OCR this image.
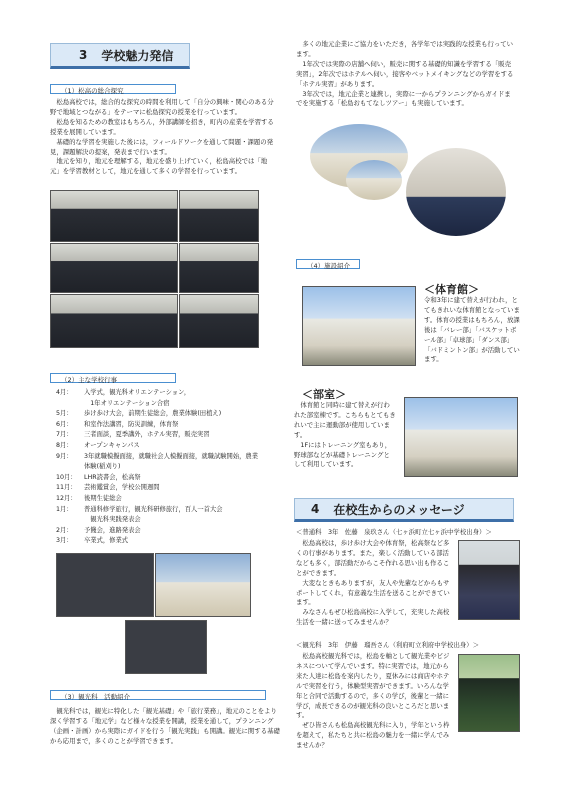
3 学校魅力発信
（1）松高の総合探究

　松島高校では，総合的な探究の時間を利用して「自分の興味・関心のある分野で地域とつながる」をテーマに松島探究の授業を行っています。

　松島を知るための教室はもちろん，外部講師を招き，町内の産業を学習する授業を展開しています。

　基礎的な学習を実施した後には，フィールドワークを通して問題・課題の発見，課題解決の提案，発表まで行います。

　地元を知り，地元を理解する，地元を盛り上げていく，松島高校では「地元」を学習教材として，地元を通して多くの学習を行っています。

（2）主な学校行事
4月：	入学式，観光科オリエンテーション，
	　1年オリエンテーション合宿
5月：	歩け歩け大会，前期生徒総会，農業体験(田植え)
6月：	和室作法講習，防災訓練，体育祭
7月：	三者面談，夏季講外，ホテル実習，販売実習
8月：	オープンキャンパス
9月：	3年就職模擬面接，就職社会人模擬面接，就職試験開始，農業
	体験(稲刈り)
10月：	LHR読書会，松高祭
11月：	芸術鑑賞会，学校公開週間
12月：	後期生徒総会
1月：	普通科修学旅行，観光科研修旅行，百人一首大会
	　観光科実践発表会
2月：	予餞会，進路発表会
3月：	卒業式，修業式
（3）観光科　活動紹介
　観光科では，観光に特化した「観光基礎」や「旅行業務」，地元のことをより深く学習する「地元学」など様々な授業を開講，授業を通して，プランニング（企画・計画）から実際にガイドを行う「観光実践」も開講。観光に関する基礎から応用まで，多くのことが学習できます。

　多くの地元企業にご協力をいただき，各学年では実践的な授業も行っています。

　1年次では実際の店舗へ伺い，販売に関する基礎的知識を学習する「販売実習」，2年次ではホテルへ伺い，接客やベットメイキングなどの学習をする「ホテル実習」があります。

　3年次では，地元企業と連携し，実際に一からプランニングからガイドまでを実施する「松島おもてなしツアー」も実施しています。

（4）施設紹介
＜体育館＞
令和3年に建て替えが行われ，とてもきれいな体育館となっています。体育の授業はもちろん，放課後は「バレー部」「バスケットボール部」「卓球部」「ダンス部」「バドミントン部」が活動しています。
＜部室＞

　体育館と同時に建て替えが行われた部室棟です。こちらもとてもきれいで主に運動部が使用しています。

　1Fにはトレーニング室もあり，野球部などが基礎トレーニングとして利用しています。

4 在校生からのメッセージ
＜普通科　3年　佐藤　泉玖さん（七ヶ浜町立七ヶ浜中学校出身）＞
　松島高校は，歩け歩け大会や体育祭，松高祭など多くの行事があります。また，楽しく活動している部活なども多く，部活動だからこそ作れる思い出も作ることができます。
　大変なときもありますが，友人や先輩などからもサポートしてくれ，有意義な生活を送ることができています。
　みなさんもぜひ松島高校に入学して，充実した高校生活を一緒に送ってみませんか？
＜観光科　3年　伊藤　瑠吾さん（利府町立利府中学校出身）＞
　松島高校観光科では，松島を軸として観光業やビジネスについて学んでいます。特に実習では，地元から来た人達に松島を案内したり，夏休みには商店やホテルで実習を行う，体験型実習ができます。いろんな学年と合同で活動するので，多くの学び，後輩と一緒に学び，成長できるのが観光科の良いところだと思います。
　ぜひ皆さんも松島高校観光科に入り，学年という枠を超えて，私たちと共に松島の魅力を一緒に学んでみませんか？
